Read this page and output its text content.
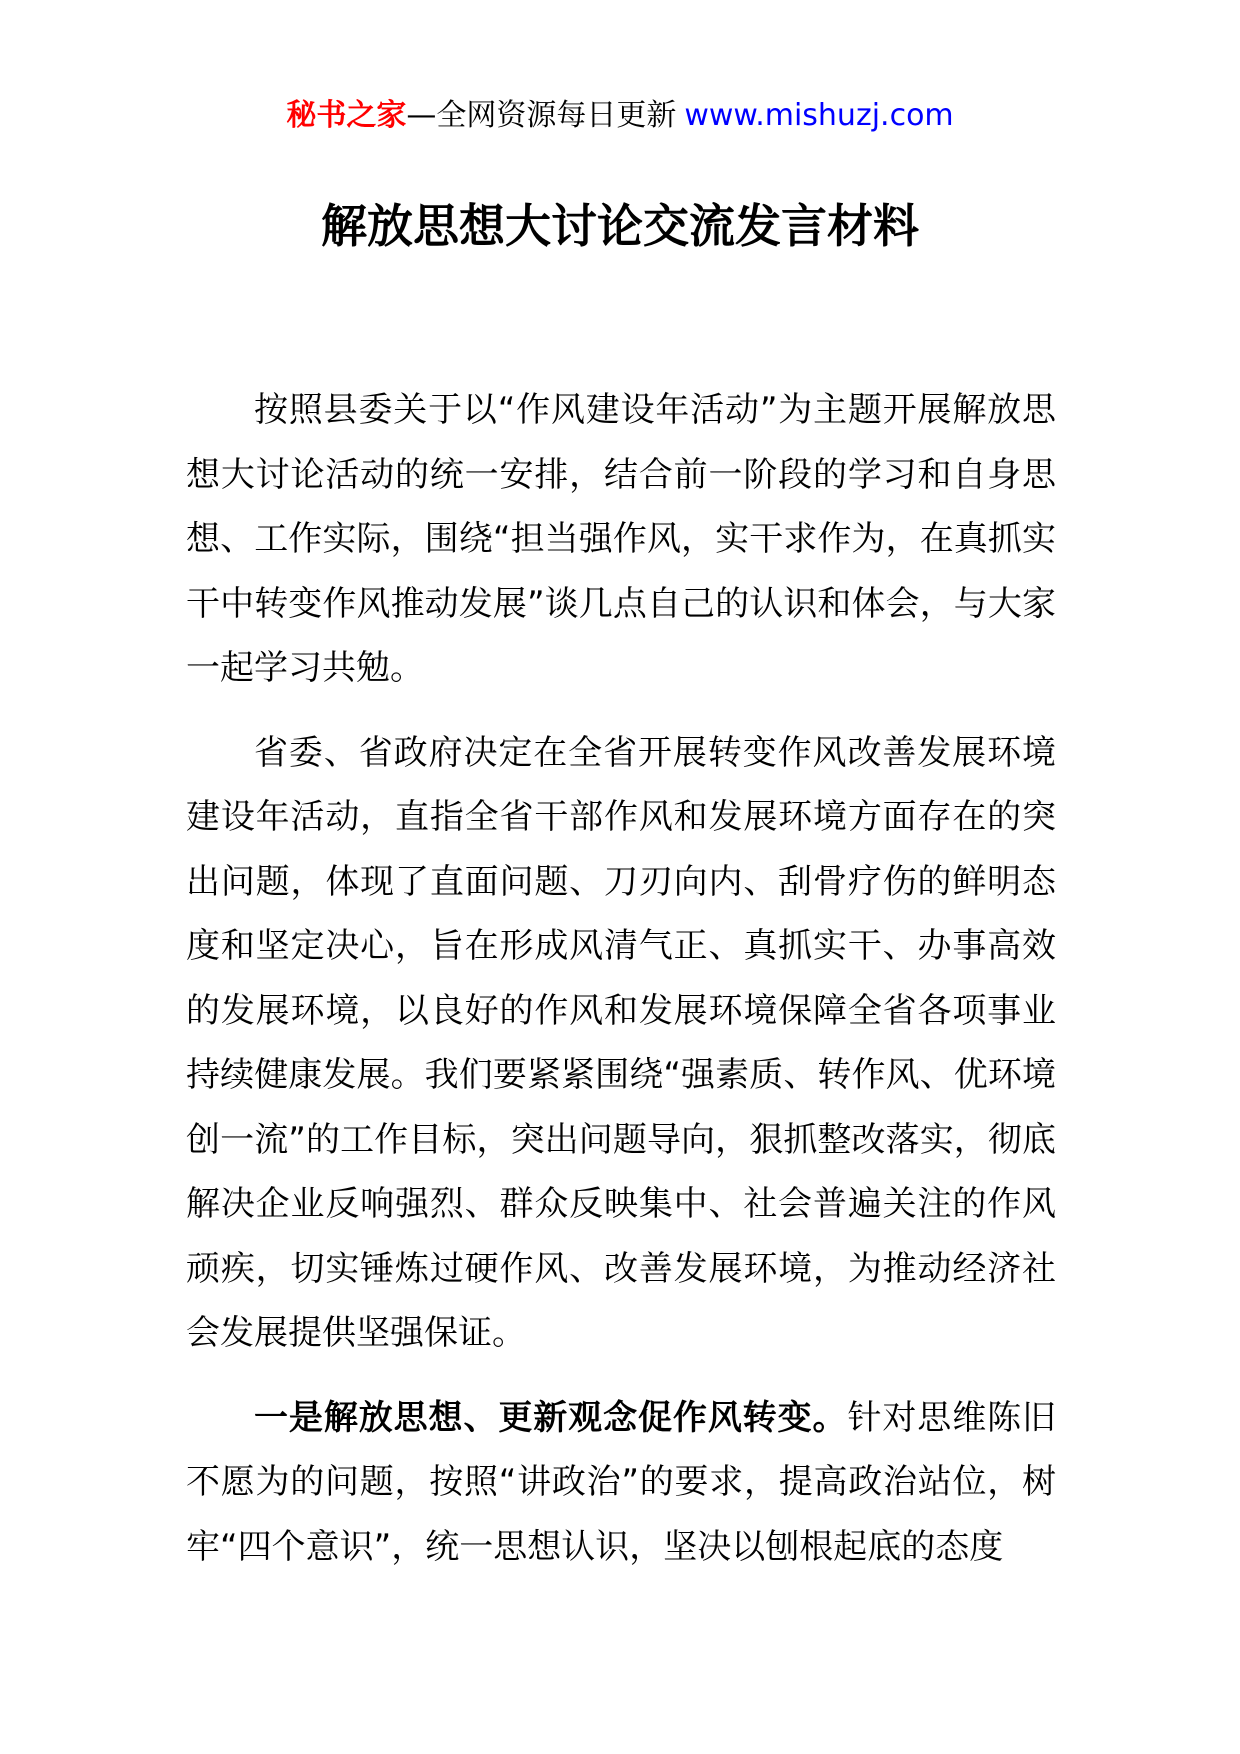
秘书之家—全网资源每日更新 www.mishuzj.com
解放思想大讨论交流发言材料

按照县委关于以“作风建设年活动”为主题开展解放思想大讨论活动的统一安排，结合前一阶段的学习和自身思想、工作实际，围绕“担当强作风，实干求作为，在真抓实干中转变作风推动发展”谈几点自己的认识和体会，与大家一起学习共勉。

省委、省政府决定在全省开展转变作风改善发展环境建设年活动，直指全省干部作风和发展环境方面存在的突出问题，体现了直面问题、刀刃向内、刮骨疗伤的鲜明态度和坚定决心，旨在形成风清气正、真抓实干、办事高效的发展环境，以良好的作风和发展环境保障全省各项事业持续健康发展。我们要紧紧围绕“强素质、转作风、优环境创一流”的工作目标，突出问题导向，狠抓整改落实，彻底解决企业反响强烈、群众反映集中、社会普遍关注的作风顽疾，切实锤炼过硬作风、改善发展环境，为推动经济社会发展提供坚强保证。

一是解放思想、更新观念促作风转变。针对思维陈旧不愿为的问题，按照“讲政治”的要求，提高政治站位，树牢“四个意识”，统一思想认识，坚决以刨根起底的态度
